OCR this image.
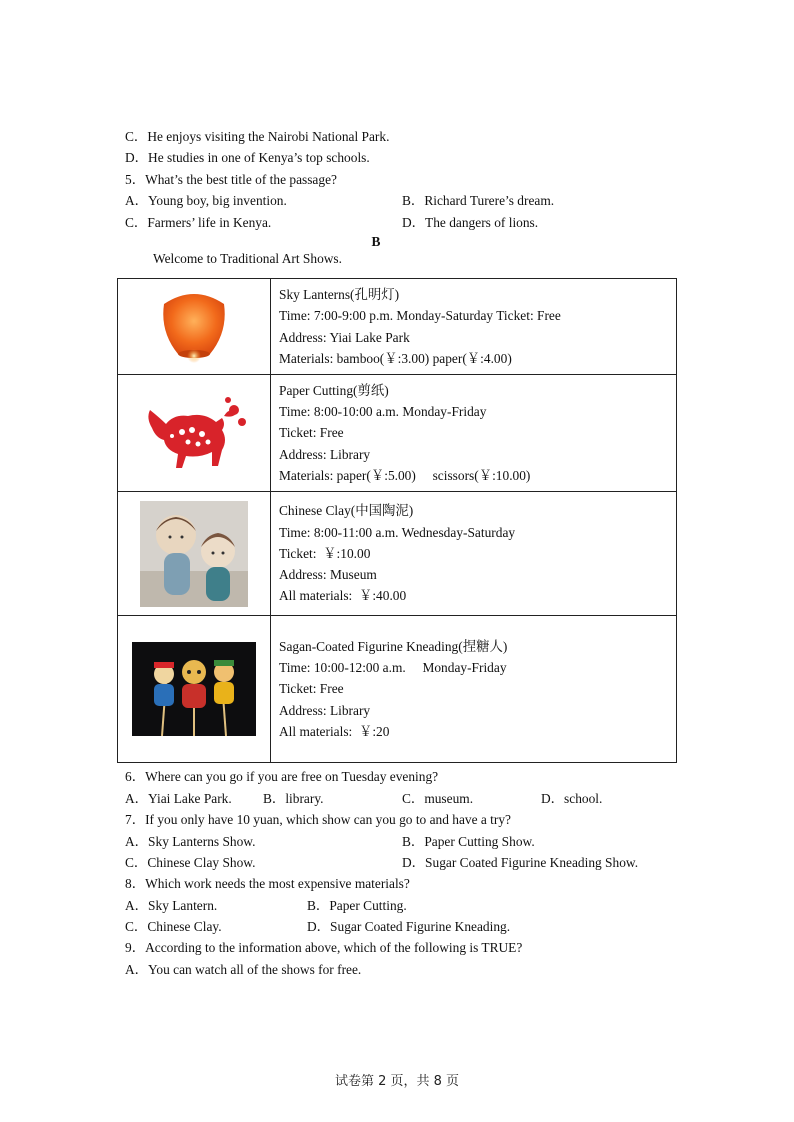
C．He enjoys visiting the Nairobi National Park.
D．He studies in one of Kenya’s top schools.
5．What’s the best title of the passage?
A．Young boy, big invention.	B．Richard Turere’s dream.
C．Farmers’ life in Kenya.	D．The dangers of lions.
B
Welcome to Traditional Art Shows.

Sky Lanterns(孔明灯)
Time: 7:00-9:00 p.m. Monday-Saturday Ticket: Free
Address: Yiai Lake Park
Materials: bamboo(￥:3.00) paper(￥:4.00)

Paper Cutting(剪纸)
Time: 8:00-10:00 a.m. Monday-Friday
Ticket: Free
Address: Library
Materials: paper(￥:5.00)     scissors(￥:10.00)

Chinese Clay(中国陶泥)
Time: 8:00-11:00 a.m. Wednesday-Saturday
Ticket:  ￥:10.00
Address: Museum
All materials:  ￥:40.00

Sagan-Coated Figurine Kneading(捏糖人)
Time: 10:00-12:00 a.m.     Monday-Friday
Ticket: Free
Address: Library
All materials:  ￥:20
6．Where can you go if you are free on Tuesday evening?
A．Yiai Lake Park. B．library.	C．museum.	D．school.
7．If you only have 10 yuan, which show can you go to and have a try?
A．Sky Lanterns Show.	B．Paper Cutting Show.
C．Chinese Clay Show.	D．Sugar Coated Figurine Kneading Show.
8．Which work needs the most expensive materials?
A．Sky Lantern.	B．Paper Cutting.
C．Chinese Clay.	D．Sugar Coated Figurine Kneading.
9．According to the information above, which of the following is TRUE?
A．You can watch all of the shows for free.
试卷第 2 页，共 8 页
